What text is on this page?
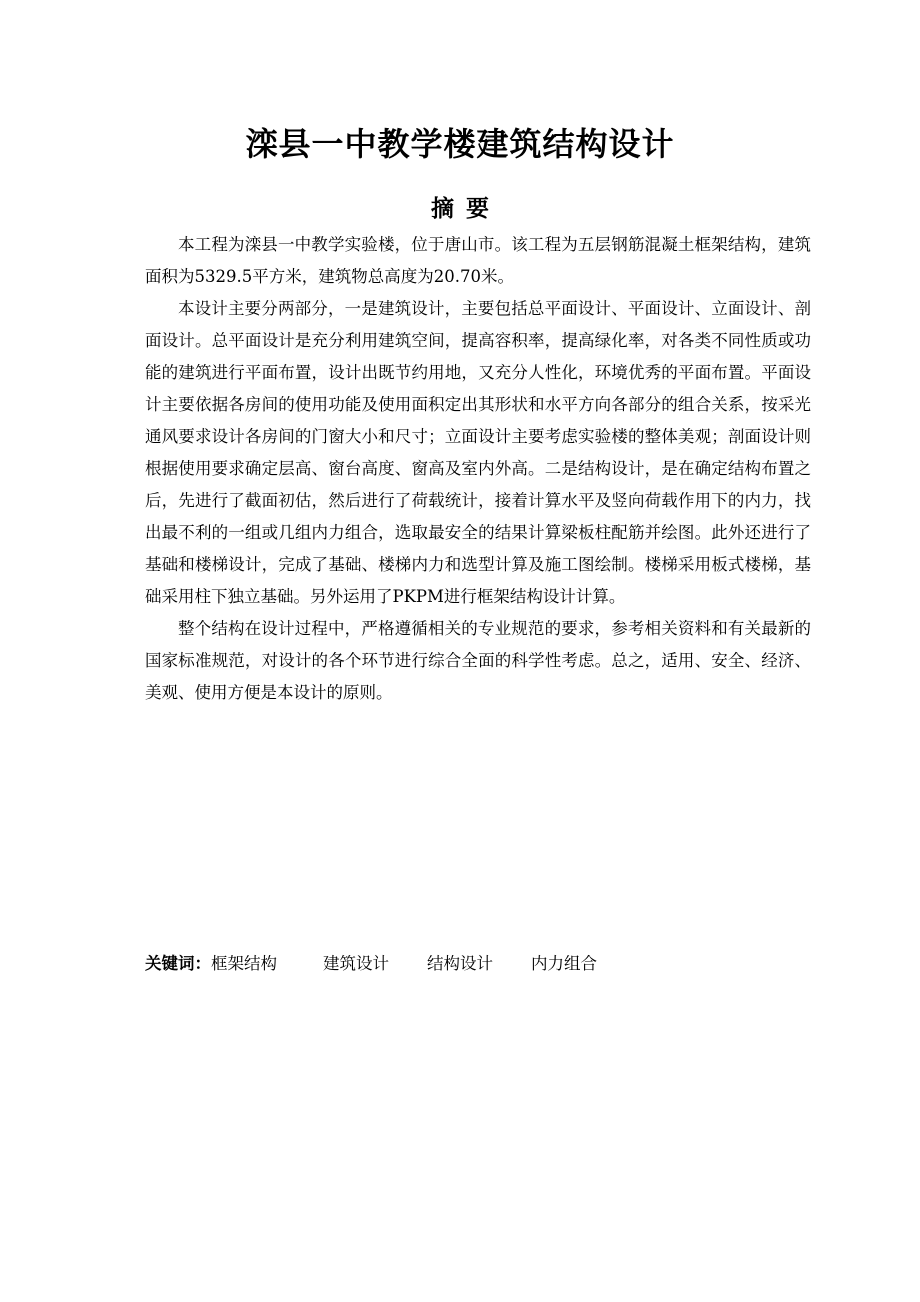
滦县一中教学楼建筑结构设计
摘 要

本工程为滦县一中教学实验楼，位于唐山市。该工程为五层钢筋混凝土框架结构，建筑面积为5329.5平方米，建筑物总高度为20.70米。

本设计主要分两部分，一是建筑设计，主要包括总平面设计、平面设计、立面设计、剖面设计。总平面设计是充分利用建筑空间，提高容积率，提高绿化率，对各类不同性质或功能的建筑进行平面布置，设计出既节约用地，又充分人性化，环境优秀的平面布置。平面设计主要依据各房间的使用功能及使用面积定出其形状和水平方向各部分的组合关系，按采光通风要求设计各房间的门窗大小和尺寸；立面设计主要考虑实验楼的整体美观；剖面设计则根据使用要求确定层高、窗台高度、窗高及室内外高。二是结构设计，是在确定结构布置之后，先进行了截面初估，然后进行了荷载统计，接着计算水平及竖向荷载作用下的内力，找出最不利的一组或几组内力组合，选取最安全的结果计算梁板柱配筋并绘图。此外还进行了基础和楼梯设计，完成了基础、楼梯内力和选型计算及施工图绘制。楼梯采用板式楼梯，基础采用柱下独立基础。另外运用了PKPM进行框架结构设计计算。

整个结构在设计过程中，严格遵循相关的专业规范的要求，参考相关资料和有关最新的国家标准规范，对设计的各个环节进行综合全面的科学性考虑。总之，适用、安全、经济、美观、使用方便是本设计的原则。

关键词：框架结构	建筑设计 结构设计 内力组合
